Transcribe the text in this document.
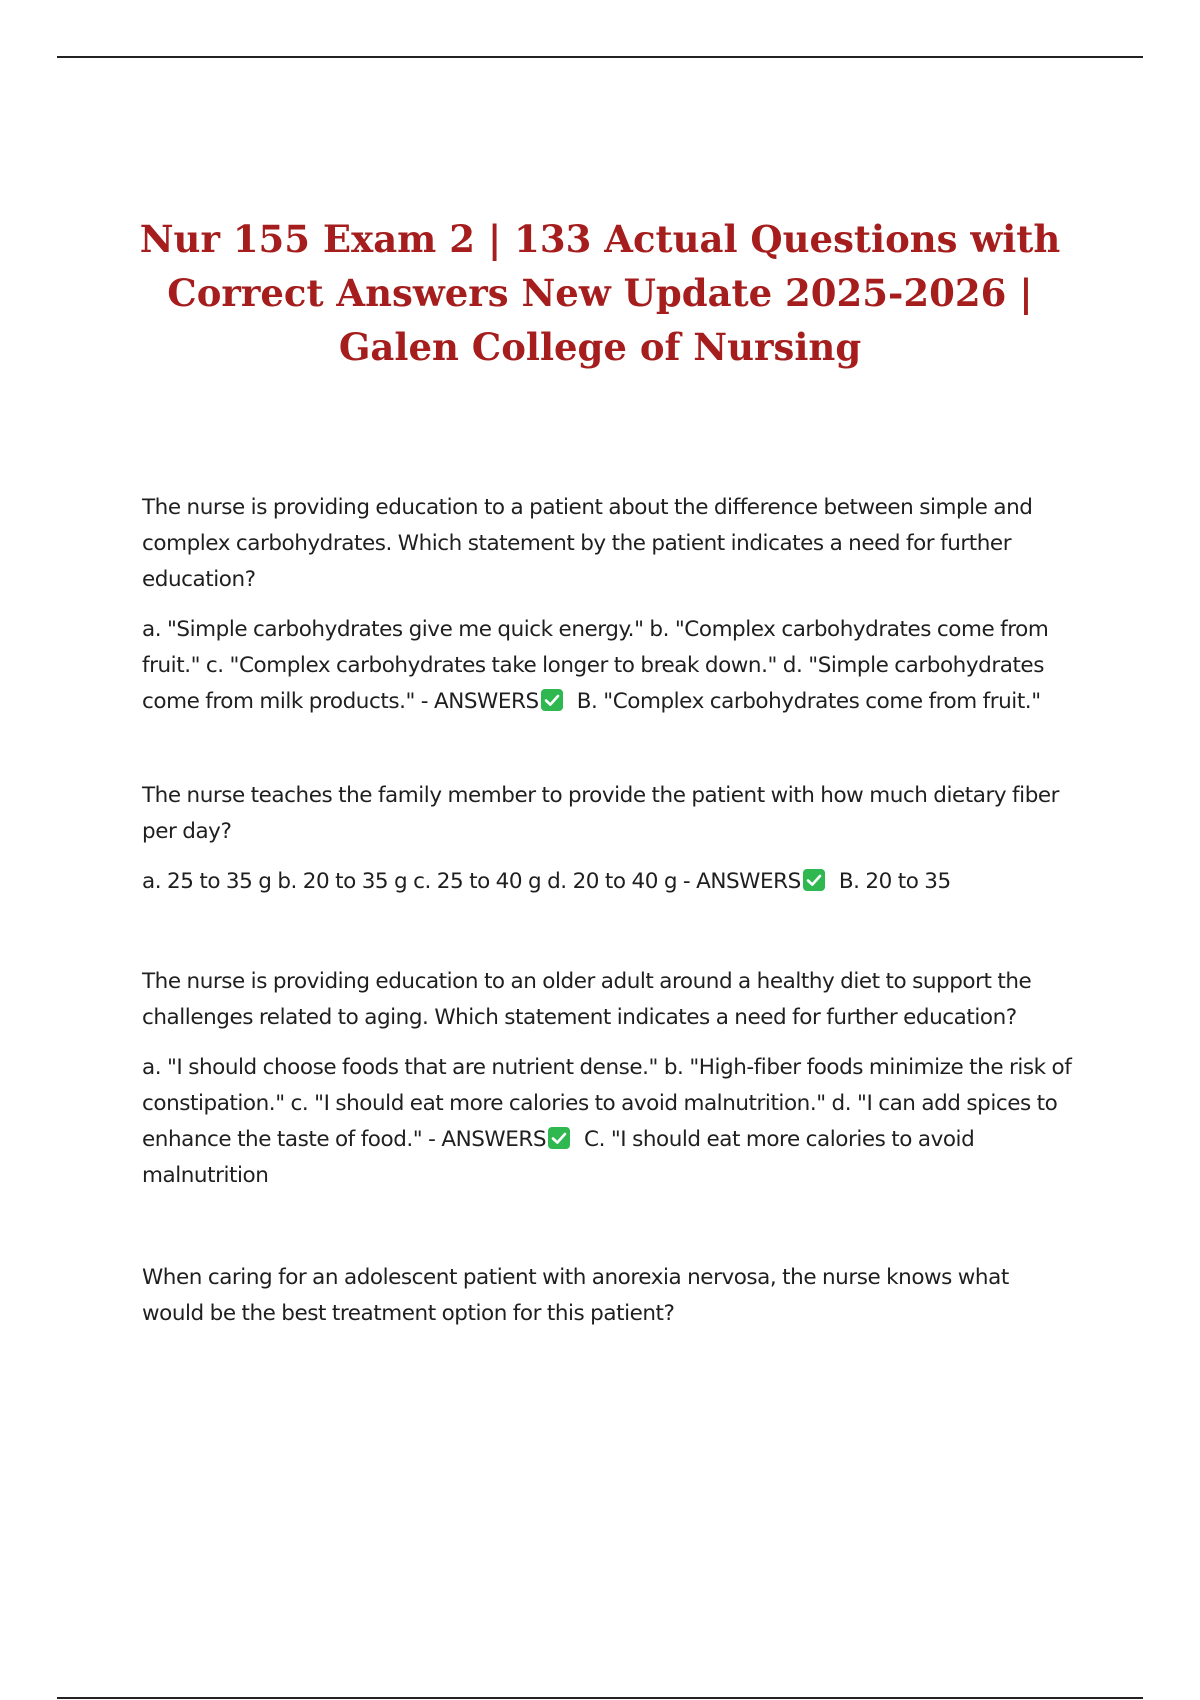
Nur 155 Exam 2 | 133 Actual Questions with Correct Answers New Update 2025-2026 | Galen College of Nursing

The nurse is providing education to a patient about the difference between simple and complex carbohydrates. Which statement by the patient indicates a need for further education?

a. "Simple carbohydrates give me quick energy." b. "Complex carbohydrates come from fruit." c. "Complex carbohydrates take longer to break down." d. "Simple carbohydrates come from milk products." - ANSWERS B. "Complex carbohydrates come from fruit."

The nurse teaches the family member to provide the patient with how much dietary fiber per day?

a. 25 to 35 g b. 20 to 35 g c. 25 to 40 g d. 20 to 40 g - ANSWERS B. 20 to 35

The nurse is providing education to an older adult around a healthy diet to support the challenges related to aging. Which statement indicates a need for further education?

a. "I should choose foods that are nutrient dense." b. "High-fiber foods minimize the risk of constipation." c. "I should eat more calories to avoid malnutrition." d. "I can add spices to enhance the taste of food." - ANSWERS C. "I should eat more calories to avoid malnutrition

When caring for an adolescent patient with anorexia nervosa, the nurse knows what would be the best treatment option for this patient?
